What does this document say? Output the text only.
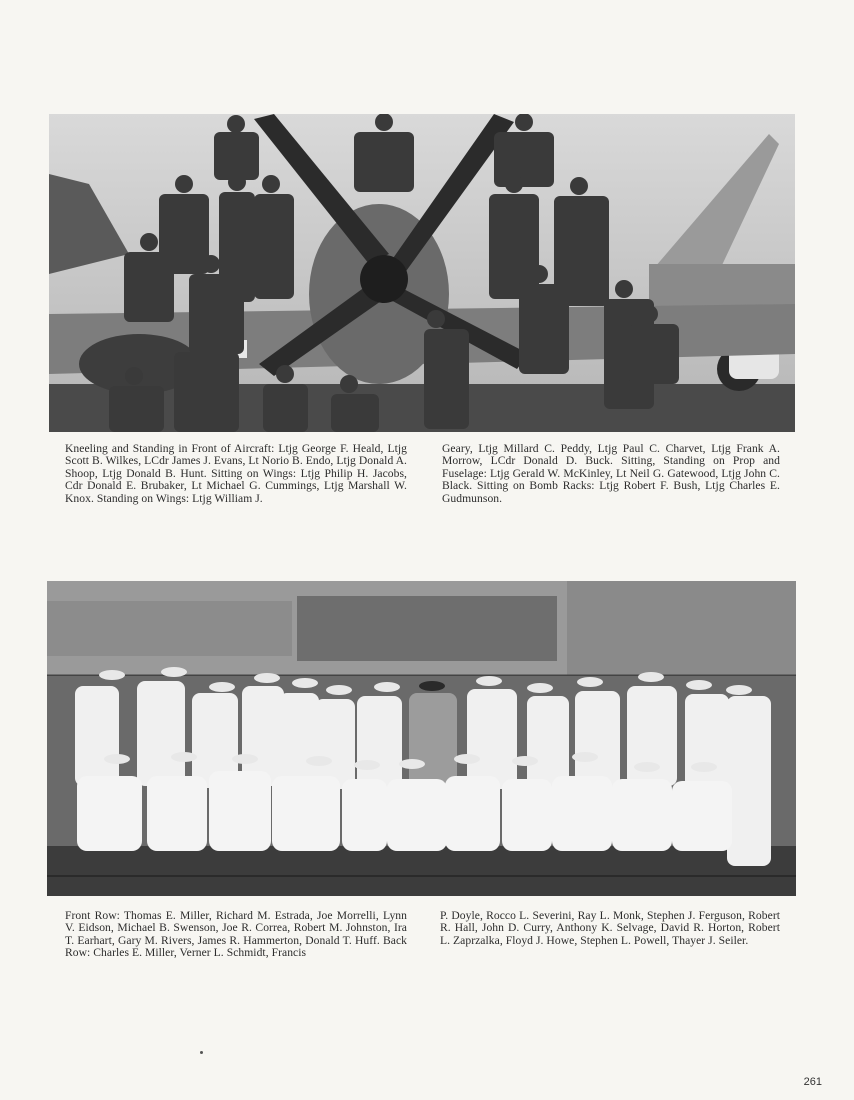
Kneeling and Standing in Front of Aircraft: Ltjg George F. Heald, Ltjg Scott B. Wilkes, LCdr James J. Evans, Lt Norio B. Endo, Ltjg Donald A. Shoop, Ltjg Donald B. Hunt. Sitting on Wings: Ltjg Philip H. Jacobs, Cdr Donald E. Brubaker, Lt Michael G. Cummings, Ltjg Marshall W. Knox. Standing on Wings: Ltjg William J.
Geary, Ltjg Millard C. Peddy, Ltjg Paul C. Charvet, Ltjg Frank A. Morrow, LCdr Donald D. Buck. Sitting, Standing on Prop and Fuselage: Ltjg Gerald W. McKinley, Lt Neil G. Gatewood, Ltjg John C. Black. Sitting on Bomb Racks: Ltjg Robert F. Bush, Ltjg Charles E. Gudmunson.
Front Row: Thomas E. Miller, Richard M. Estrada, Joe Morrelli, Lynn V. Eidson, Michael B. Swenson, Joe R. Correa, Robert M. Johnston, Ira T. Earhart, Gary M. Rivers, James R. Hammerton, Donald T. Huff. Back Row: Charles E. Miller, Verner L. Schmidt, Francis
P. Doyle, Rocco L. Severini, Ray L. Monk, Stephen J. Ferguson, Robert R. Hall, John D. Curry, Anthony K. Selvage, David R. Horton, Robert L. Zaprzalka, Floyd J. Howe, Stephen L. Powell, Thayer J. Seiler.
261
